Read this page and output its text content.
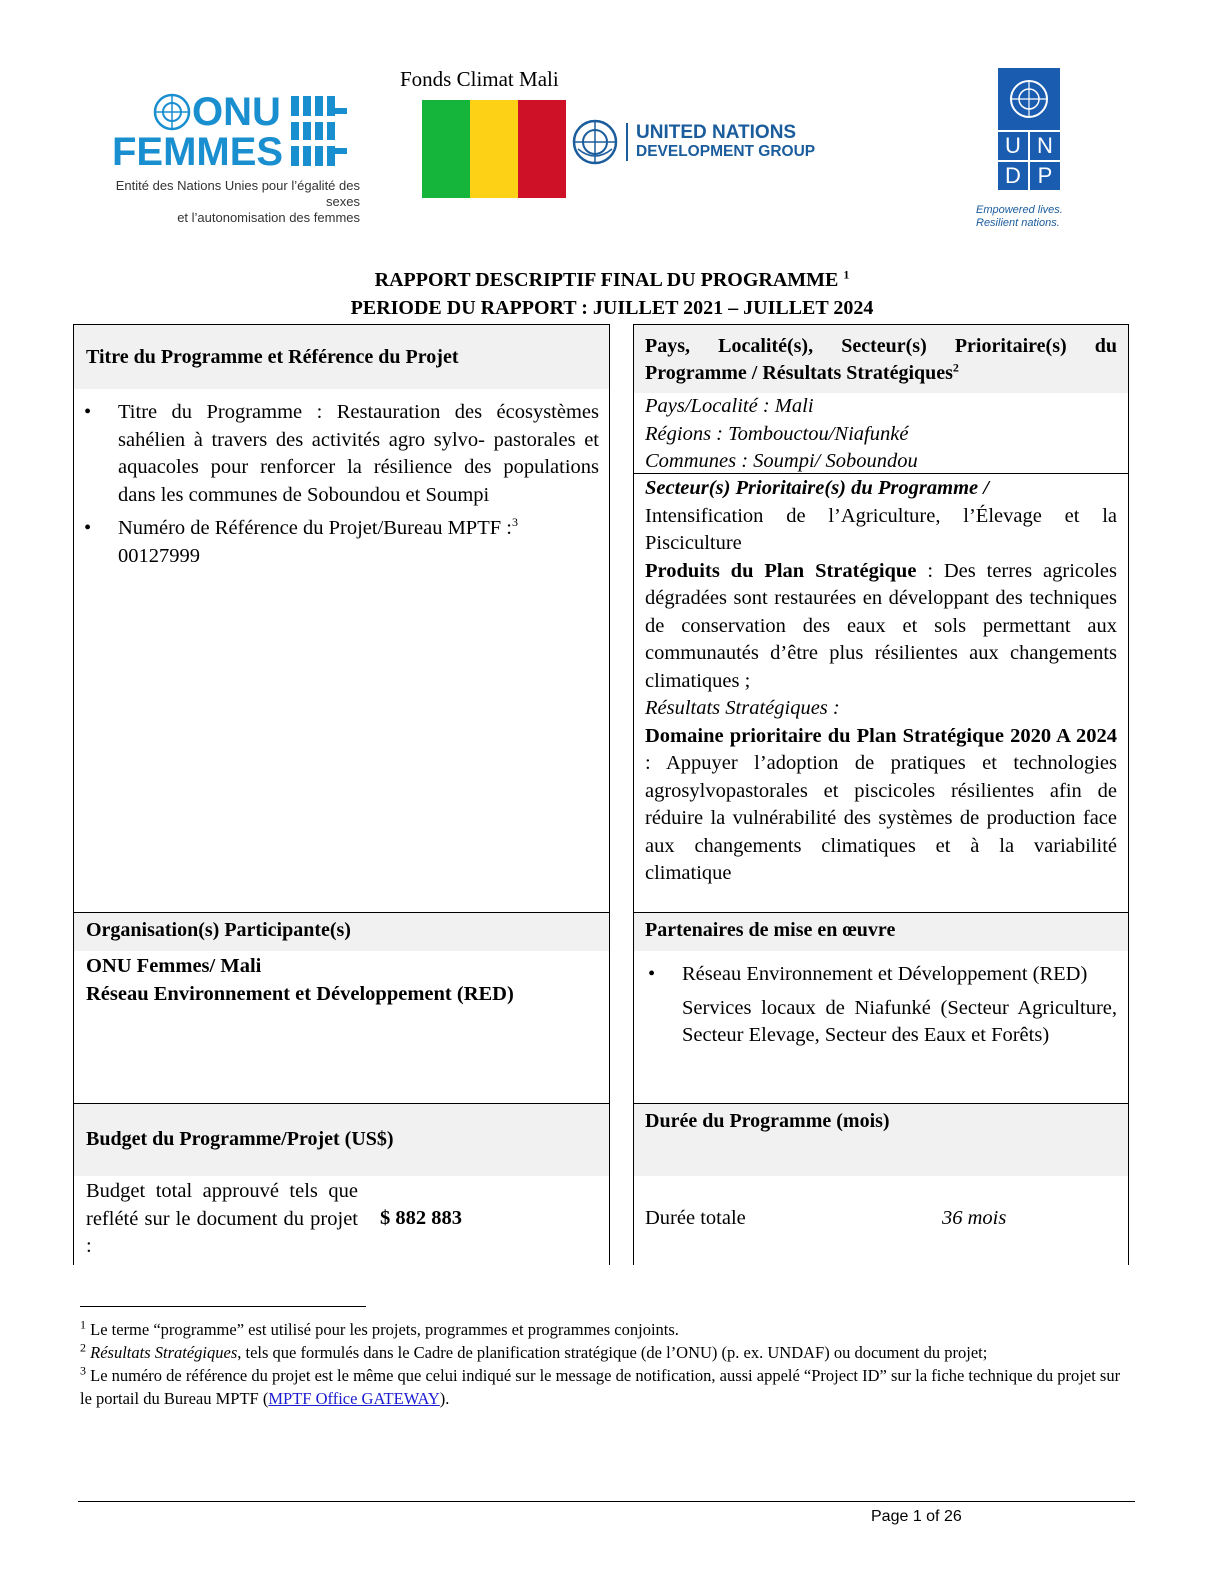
ONU
FEMMES
Entité des Nations Unies pour l’égalité des sexes
et l’autonomisation des femmes
Fonds Climat Mali
UNITED NATIONS
DEVELOPMENT GROUP	U N
D P
Empowered lives.
Resilient nations.
RAPPORT DESCRIPTIF FINAL DU PROGRAMME $^1$
PERIODE DU RAPPORT : JUILLET 2021 – JUILLET 2024
Titre du Programme et Référence du Projet
• Titre du Programme : Restauration des écosystèmes sahélien à travers des activités agro sylvo- pastorales et aquacoles pour renforcer la résilience des populations dans les communes de Soboundou et Soumpi
• Numéro de Référence du Projet/Bureau MPTF :$^3$
00127999
Pays, Localité(s), Secteur(s) Prioritaire(s) du Programme / Résultats Stratégiques$^2$
Pays/Localité : Mali
Régions : Tombouctou/Niafunké
Communes : Soumpi/ Soboundou
Secteur(s) Prioritaire(s) du Programme /
Intensification de l’Agriculture, l’Élevage et la Pisciculture
Produits du Plan Stratégique : Des terres agricoles dégradées sont restaurées en développant des techniques de conservation des eaux et sols permettant aux communautés d’être plus résilientes aux changements climatiques ;
Résultats Stratégiques :
Domaine prioritaire du Plan Stratégique 2020 A 2024 : Appuyer l’adoption de pratiques et technologies agrosylvopastorales et piscicoles résilientes afin de réduire la vulnérabilité des systèmes de production face aux changements climatiques et à la variabilité climatique
Organisation(s) Participante(s)
ONU Femmes/ Mali
Réseau Environnement et Développement (RED)
Partenaires de mise en œuvre
• Réseau Environnement et Développement (RED)
Services locaux de Niafunké (Secteur Agriculture, Secteur Elevage, Secteur des Eaux et Forêts)
Budget du Programme/Projet (US$)
Budget total approuvé tels que reflété sur le document du projet :
$ 882 883
Durée du Programme (mois)
Durée totale	36 mois
$^1$ Le terme “programme” est utilisé pour les projets, programmes et programmes conjoints.
$^2$ Résultats Stratégiques, tels que formulés dans le Cadre de planification stratégique (de l’ONU) (p. ex. UNDAF) ou document du projet;
$^3$ Le numéro de référence du projet est le même que celui indiqué sur le message de notification, aussi appelé “Project ID” sur la fiche technique du projet sur le portail du Bureau MPTF (MPTF Office GATEWAY).
Page 1 of 26
